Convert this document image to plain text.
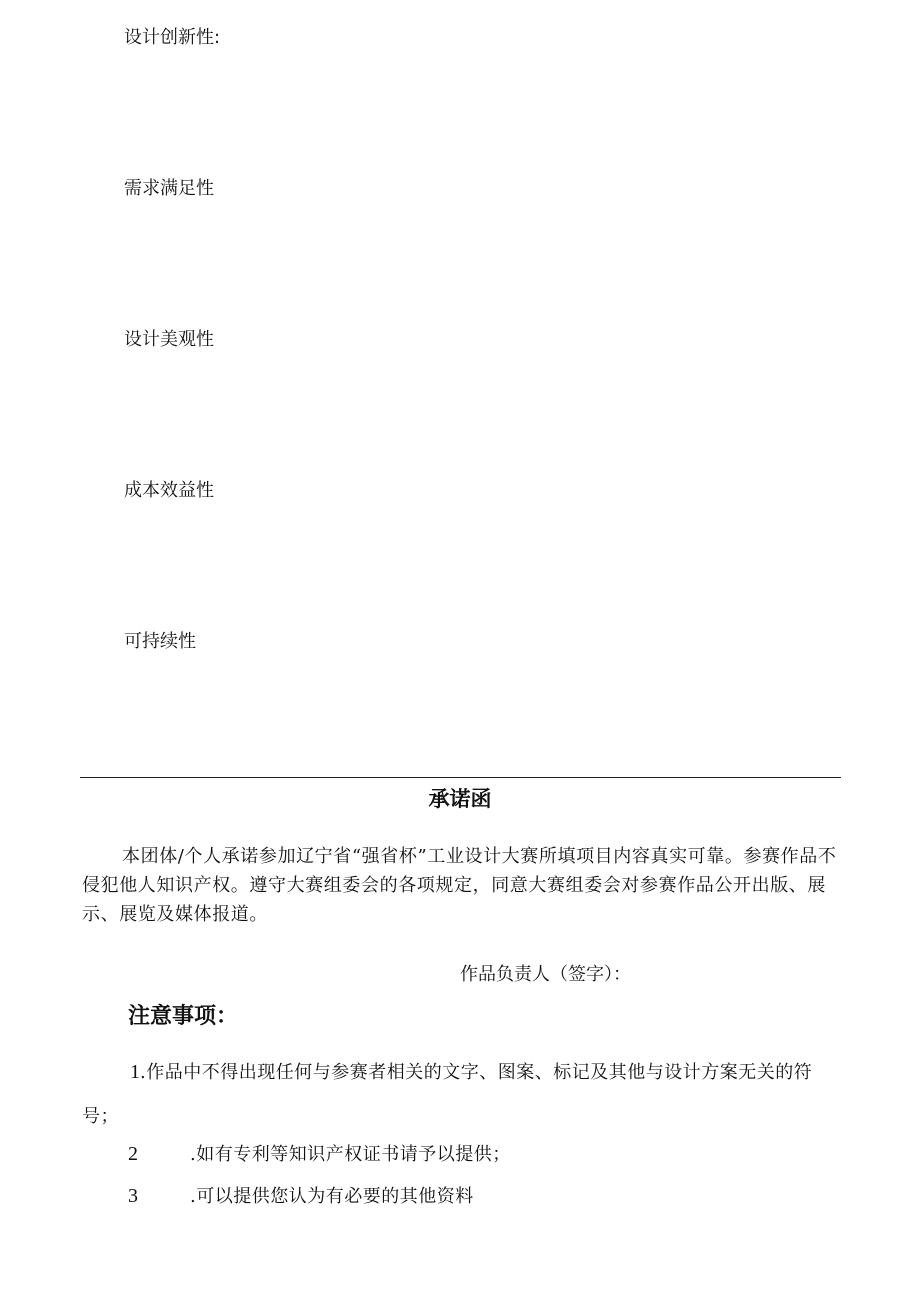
设计创新性:

需求满足性

设计美观性

成本效益性

可持续性

承诺函

本团体/个人承诺参加辽宁省“强省杯”工业设计大赛所填项目内容真实可靠。参赛作品不侵犯他人知识产权。遵守大赛组委会的各项规定，同意大赛组委会对参赛作品公开出版、展示、展览及媒体报道。

作品负责人（签字）：

注意事项：

1.作品中不得出现任何与参赛者相关的文字、图案、标记及其他与设计方案无关的符号；

2	.如有专利等知识产权证书请予以提供；

3	.可以提供您认为有必要的其他资料
